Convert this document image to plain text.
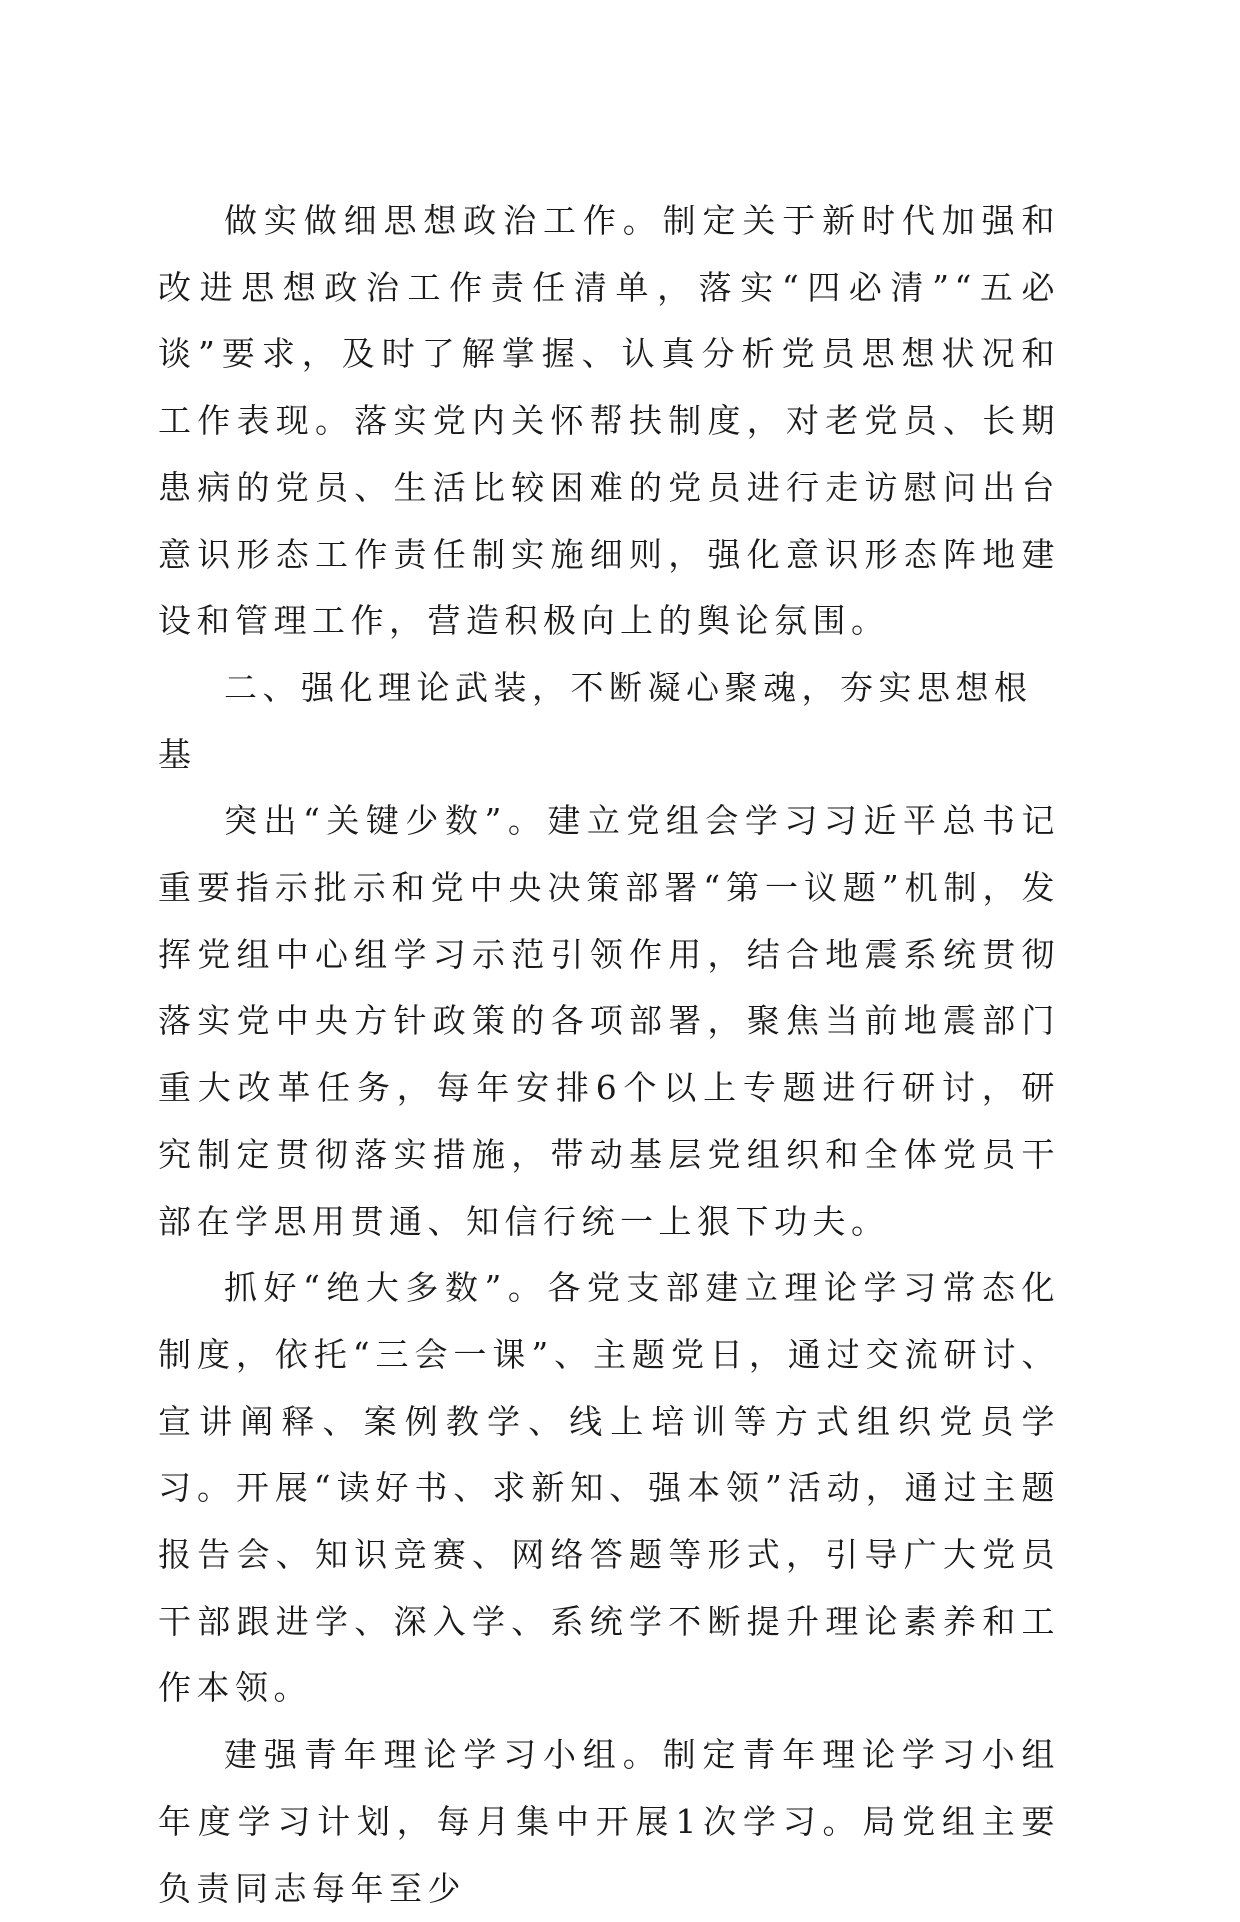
做实做细思想政治工作。制定关于新时代加强和改进思想政治工作责任清单，落实“四必清”“五必谈”要求，及时了解掌握、认真分析党员思想状况和工作表现。落实党内关怀帮扶制度，对老党员、长期患病的党员、生活比较困难的党员进行走访慰问出台意识形态工作责任制实施细则，强化意识形态阵地建设和管理工作，营造积极向上的舆论氛围。

二、强化理论武装，不断凝心聚魂，夯实思想根基

突出“关键少数”。建立党组会学习习近平总书记重要指示批示和党中央决策部署“第一议题”机制，发挥党组中心组学习示范引领作用，结合地震系统贯彻落实党中央方针政策的各项部署，聚焦当前地震部门重大改革任务，每年安排6个以上专题进行研讨，研究制定贯彻落实措施，带动基层党组织和全体党员干部在学思用贯通、知信行统一上狠下功夫。

抓好“绝大多数”。各党支部建立理论学习常态化制度，依托“三会一课”、主题党日，通过交流研讨、宣讲阐释、案例教学、线上培训等方式组织党员学习。开展“读好书、求新知、强本领”活动，通过主题报告会、知识竞赛、网络答题等形式，引导广大党员干部跟进学、深入学、系统学不断提升理论素养和工作本领。

建强青年理论学习小组。制定青年理论学习小组年度学习计划，每月集中开展1次学习。局党组主要负责同志每年至少
